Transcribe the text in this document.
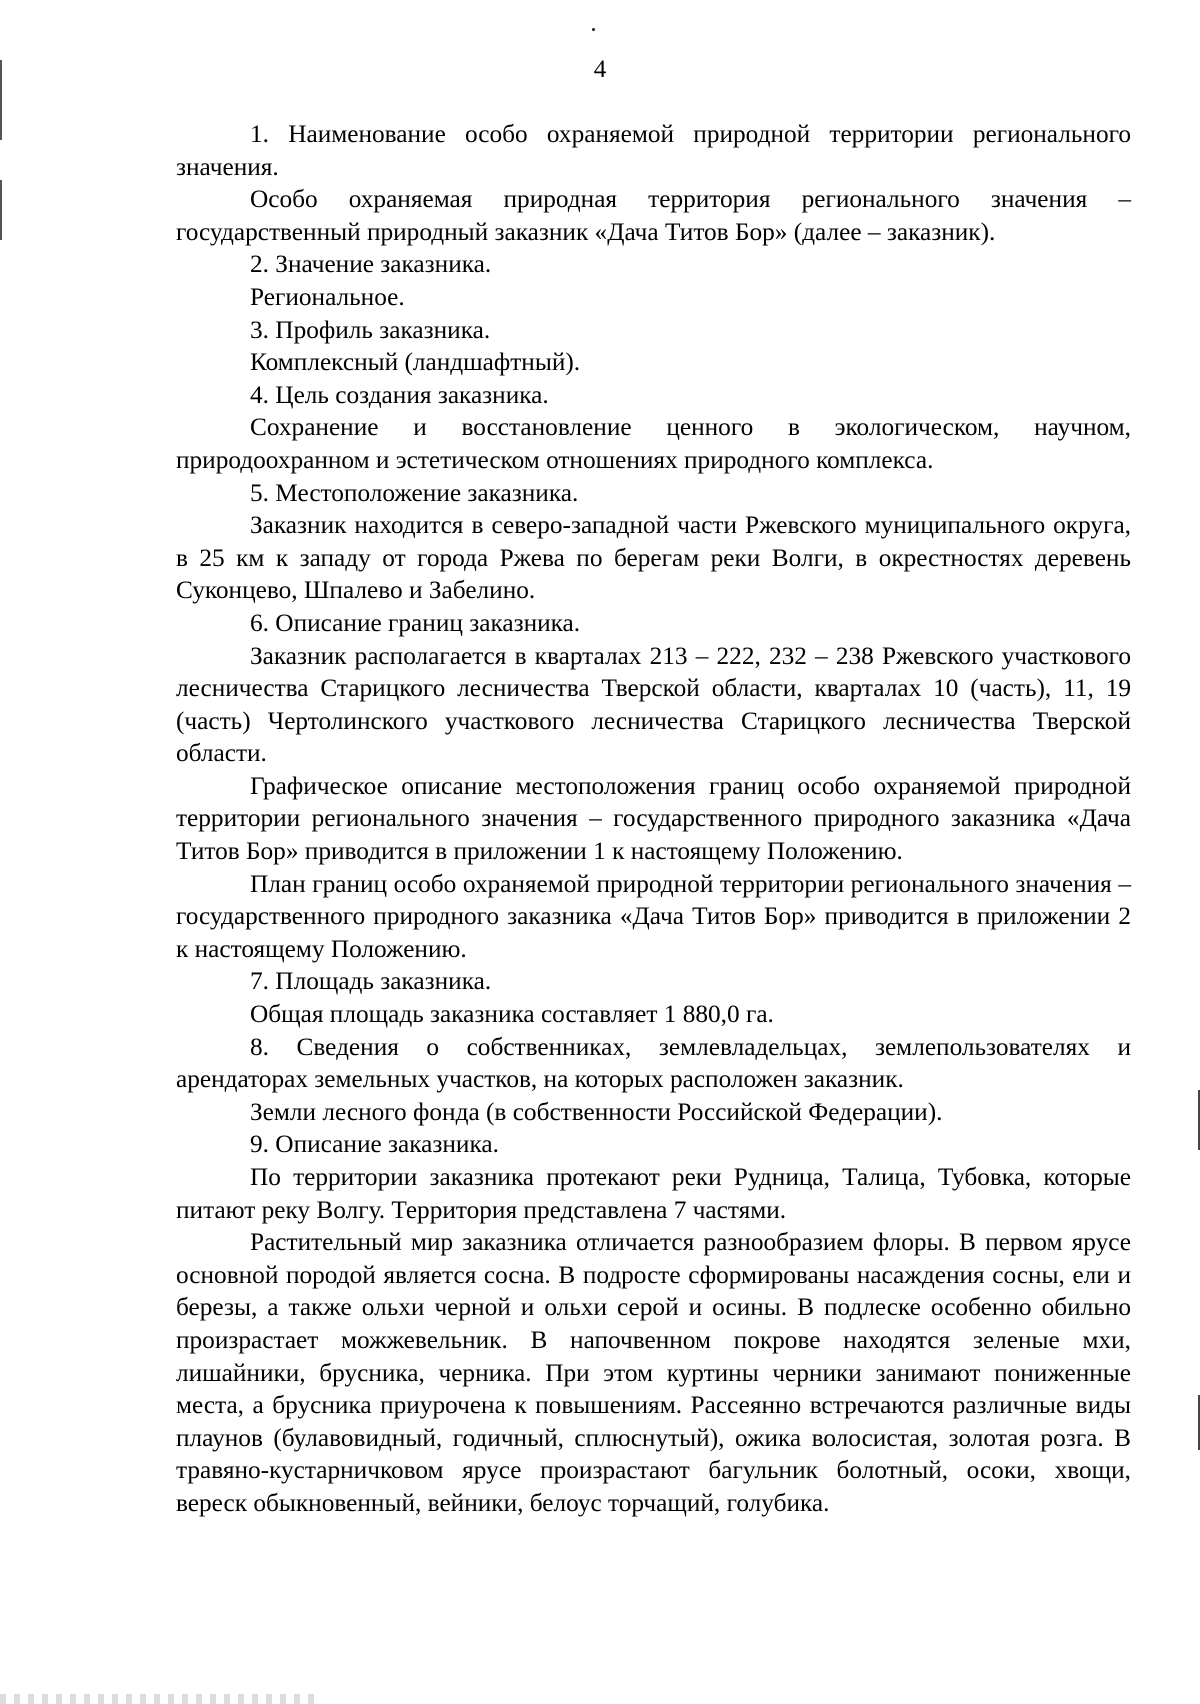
4

1. Наименование особо охраняемой природной территории регионального значения.

Особо охраняемая природная территория регионального значения – государственный природный заказник «Дача Титов Бор» (далее – заказник).

2. Значение заказника.

Региональное.

3. Профиль заказника.

Комплексный (ландшафтный).

4. Цель создания заказника.

Сохранение и восстановление ценного в экологическом, научном, природоохранном и эстетическом отношениях природного комплекса.

5. Местоположение заказника.

Заказник находится в северо-западной части Ржевского муниципального округа, в 25 км к западу от города Ржева по берегам реки Волги, в окрестностях деревень Суконцево, Шпалево и Забелино.

6. Описание границ заказника.

Заказник располагается в кварталах 213 – 222, 232 – 238 Ржевского участкового лесничества Старицкого лесничества Тверской области, кварталах 10 (часть), 11, 19 (часть) Чертолинского участкового лесничества Старицкого лесничества Тверской области.

Графическое описание местоположения границ особо охраняемой природной территории регионального значения – государственного природного заказника «Дача Титов Бор» приводится в приложении 1 к настоящему Положению.

План границ особо охраняемой природной территории регионального значения – государственного природного заказника «Дача Титов Бор» приводится в приложении 2 к настоящему Положению.

7. Площадь заказника.

Общая площадь заказника составляет 1 880,0 га.

8. Сведения о собственниках, землевладельцах, землепользователях и арендаторах земельных участков, на которых расположен заказник.

Земли лесного фонда (в собственности Российской Федерации).

9. Описание заказника.

По территории заказника протекают реки Рудница, Талица, Тубовка, которые питают реку Волгу. Территория представлена 7 частями.

Растительный мир заказника отличается разнообразием флоры. В первом ярусе основной породой является сосна. В подросте сформированы насаждения сосны, ели и березы, а также ольхи черной и ольхи серой и осины. В подлеске особенно обильно произрастает можжевельник. В напочвенном покрове находятся зеленые мхи, лишайники, брусника, черника. При этом куртины черники занимают пониженные места, а брусника приурочена к повышениям. Рассеянно встречаются различные виды плаунов (булавовидный, годичный, сплюснутый), ожика волосистая, золотая розга. В травяно-кустарничковом ярусе произрастают багульник болотный, осоки, хвощи, вереск обыкновенный, вейники, белоус торчащий, голубика.
